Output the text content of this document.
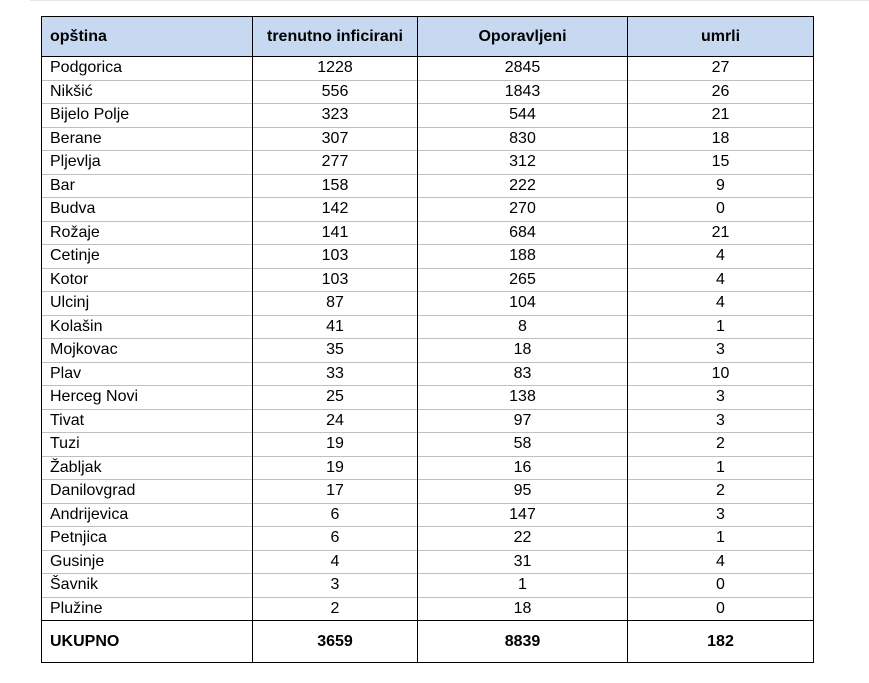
opština	trenutno inficirani	Oporavljeni	umrli
Podgorica	1228	2845	27
Nikšić	556	1843	26
Bijelo Polje	323	544	21
Berane	307	830	18
Pljevlja	277	312	15
Bar	158	222	9
Budva	142	270	0
Rožaje	141	684	21
Cetinje	103	188	4
Kotor	103	265	4
Ulcinj	87	104	4
Kolašin	41	8	1
Mojkovac	35	18	3
Plav	33	83	10
Herceg Novi	25	138	3
Tivat	24	97	3
Tuzi	19	58	2
Žabljak	19	16	1
Danilovgrad	17	95	2
Andrijevica	6	147	3
Petnjica	6	22	1
Gusinje	4	31	4
Šavnik	3	1	0
Plužine	2	18	0
UKUPNO	3659	8839	182
